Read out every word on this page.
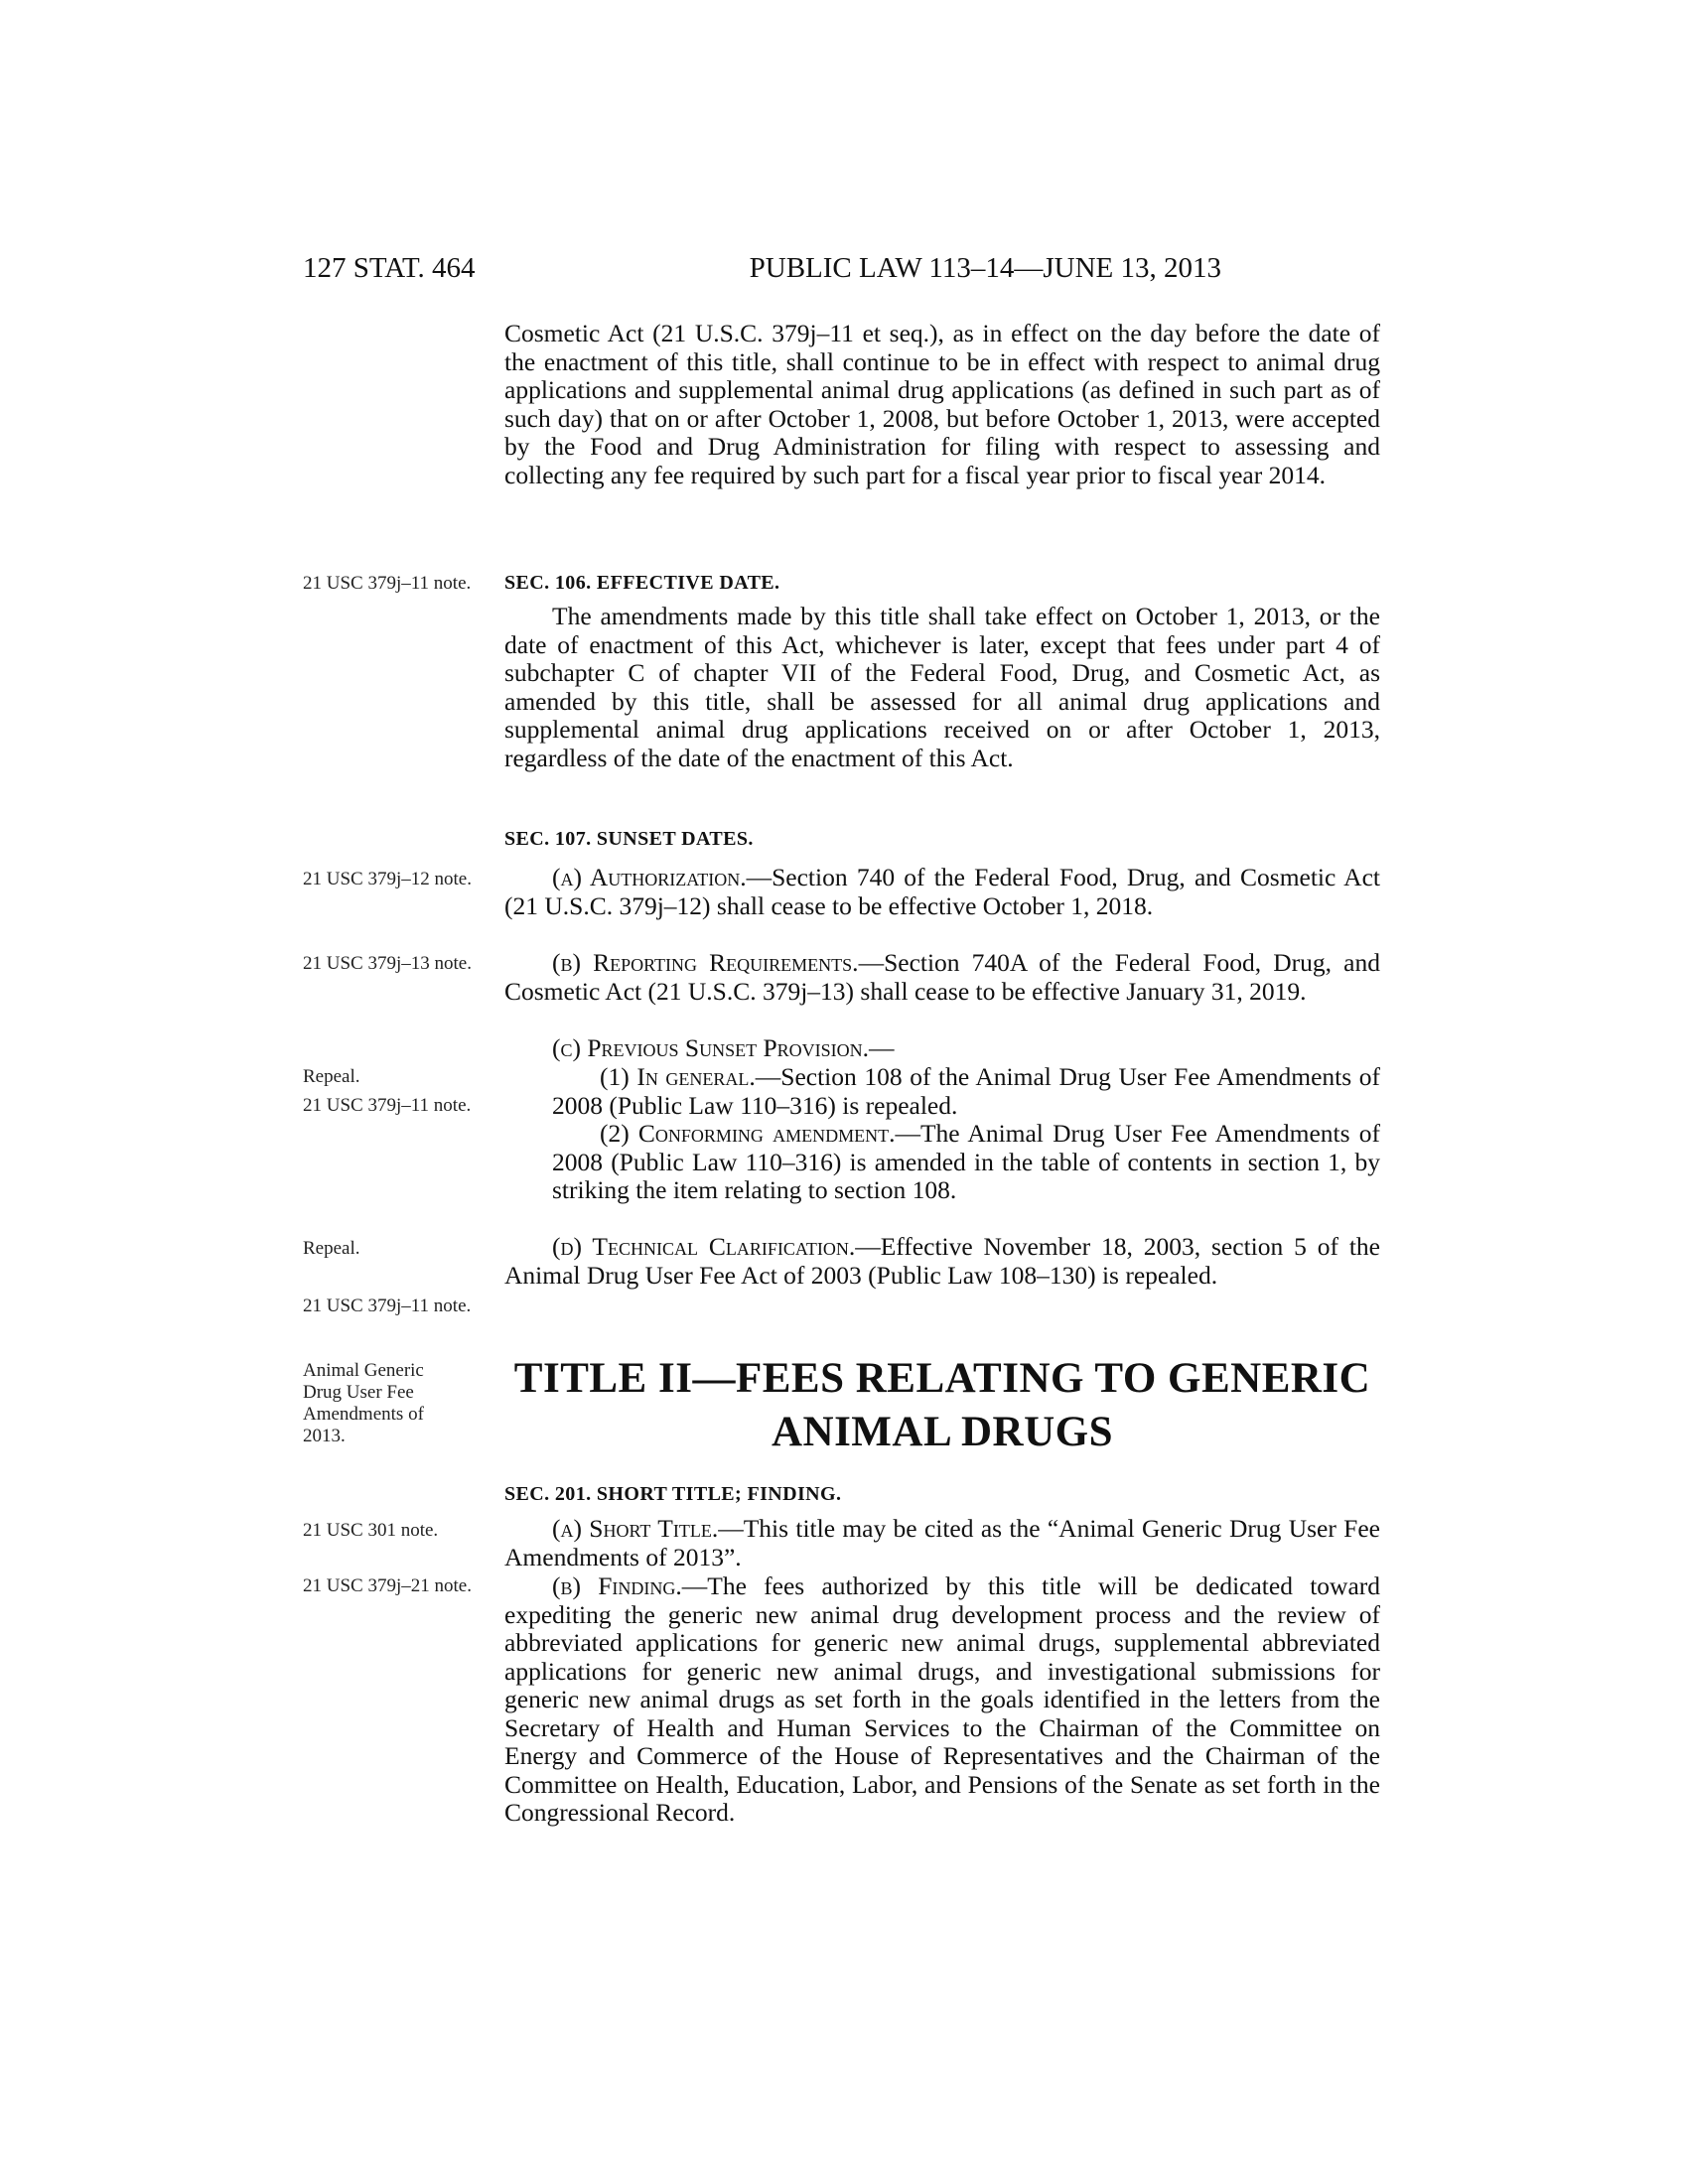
127 STAT. 464	PUBLIC LAW 113–14—JUNE 13, 2013

Cosmetic Act (21 U.S.C. 379j–11 et seq.), as in effect on the day before the date of the enactment of this title, shall continue to be in effect with respect to animal drug applications and supplemental animal drug applications (as defined in such part as of such day) that on or after October 1, 2008, but before October 1, 2013, were accepted by the Food and Drug Administration for filing with respect to assessing and collecting any fee required by such part for a fiscal year prior to fiscal year 2014.

SEC. 106. EFFECTIVE DATE.

The amendments made by this title shall take effect on October 1, 2013, or the date of enactment of this Act, whichever is later, except that fees under part 4 of subchapter C of chapter VII of the Federal Food, Drug, and Cosmetic Act, as amended by this title, shall be assessed for all animal drug applications and supplemental animal drug applications received on or after October 1, 2013, regardless of the date of the enactment of this Act.

SEC. 107. SUNSET DATES.

(a) Authorization.—Section 740 of the Federal Food, Drug, and Cosmetic Act (21 U.S.C. 379j–12) shall cease to be effective October 1, 2018.

(b) Reporting Requirements.—Section 740A of the Federal Food, Drug, and Cosmetic Act (21 U.S.C. 379j–13) shall cease to be effective January 31, 2019.

(c) Previous Sunset Provision.—

(1) In general.—Section 108 of the Animal Drug User Fee Amendments of 2008 (Public Law 110–316) is repealed.

(2) Conforming amendment.—The Animal Drug User Fee Amendments of 2008 (Public Law 110–316) is amended in the table of contents in section 1, by striking the item relating to section 108.

(d) Technical Clarification.—Effective November 18, 2003, section 5 of the Animal Drug User Fee Act of 2003 (Public Law 108–130) is repealed.

TITLE II—FEES RELATING TO GENERIC
ANIMAL DRUGS

SEC. 201. SHORT TITLE; FINDING.

(a) Short Title.—This title may be cited as the “Animal Generic Drug User Fee Amendments of 2013”.

(b) Finding.—The fees authorized by this title will be dedicated toward expediting the generic new animal drug development process and the review of abbreviated applications for generic new animal drugs, supplemental abbreviated applications for generic new animal drugs, and investigational submissions for generic new animal drugs as set forth in the goals identified in the letters from the Secretary of Health and Human Services to the Chairman of the Committee on Energy and Commerce of the House of Representatives and the Chairman of the Committee on Health, Education, Labor, and Pensions of the Senate as set forth in the Congressional Record.

21 USC 379j–11 note.
21 USC 379j–12 note.
21 USC 379j–13 note.
Repeal.
21 USC 379j–11 note.
Repeal.
21 USC 379j–11 note.
Animal Generic Drug User Fee Amendments of 2013.
21 USC 301 note.
21 USC 379j–21 note.
